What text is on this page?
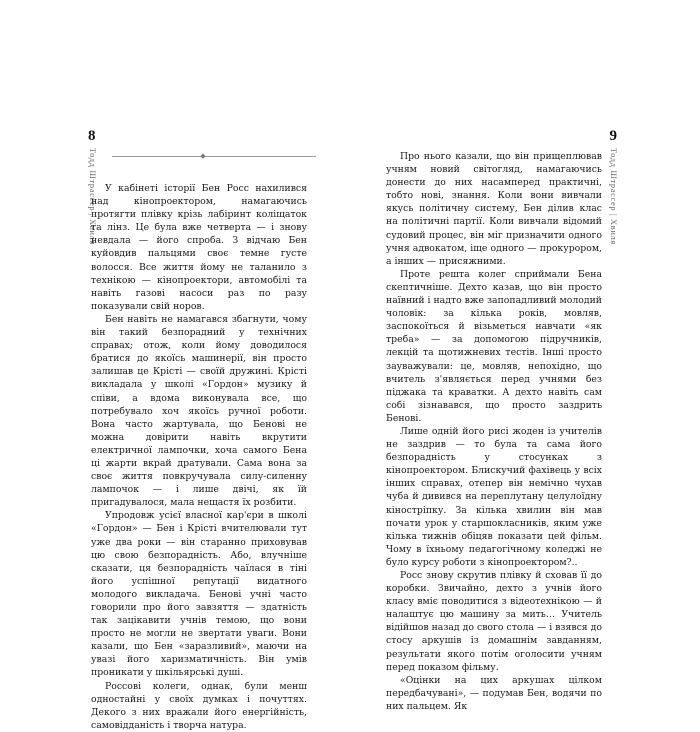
8
Тодд Штрассер | Хвиля	◆

У кабінеті історії Бен Росс нахилився над кінопроектором, намагаючись протягти плівку крізь лабіринт коліщаток та лінз. Це була вже четверта — і знову невдала — його спроба. З відчаю Бен куйовдив пальцями своє темне густе волосся. Все життя йому не таланило з технікою — кінопроектори, автомобілі та навіть газові насоси раз по разу показували свій норов.

Бен навіть не намагався збагнути, чому він такий безпорадний у технічних справах; отож, коли йому доводилося братися до якоїсь машинерії, він просто залишав це Крісті — своїй дружині. Крісті викладала у школі «Гордон» музику й співи, а вдома виконувала все, що потребувало хоч якоїсь ручної роботи. Вона часто жартувала, що Бенові не можна довірити навіть вкрутити електричної лампочки, хоча самого Бена ці жарти вкрай дратували. Сама вона за своє життя повкручувала силу-силенну лампочок — і лише двічі, як їй пригадувалося, мала нещастя їх розбити.

Упродовж усієї власної кар'єри в школі «Гордон» — Бен і Крісті вчителювали тут уже два роки — він старанно приховував цю свою безпорадність. Або, влучніше сказати, ця безпорадність чаїлася в тіні його успішної репутації видатного молодого викладача. Бенові учні часто говорили про його завзяття — здатність так зацікавити учнів темою, що вони просто не могли не звертати уваги. Вони казали, що Бен «заразливий», маючи на увазі його харизматичність. Він умів проникати у шкільярські душі.

Россові колеги, однак, були менш одностайні у своїх думках і почуттях. Декого з них вражали його енергійність, самовідданість і творча натура.

9
Тодд Штрассер | Хвиля

Про нього казали, що він прищеплював учням новий світогляд, намагаючись донести до них насамперед практичні, тобто нові, знання. Коли вони вивчали якусь політичну систему, Бен ділив клас на політичні партії. Коли вивчали відомий судовий процес, він міг призначити одного учня адвокатом, іще одного — прокурором, а інших — присяжними.

Проте решта колег сприймали Бена скептичніше. Дехто казав, що він просто наївний і надто вже запопадливий молодий чоловік: за кілька років, мовляв, заспокоїться й візьметься навчати «як треба» — за допомогою підручників, лекцій та щотижневих тестів. Інші просто зауважували: це, мовляв, непохідно, що вчитель з'являється перед учнями без піджака та краватки. А дехто навіть сам собі зізнавався, що просто заздрить Бенові.

Лише одній його рисі жоден із учителів не заздрив — то була та сама його безпорадність у стосунках з кінопроектором. Блискучий фахівець у всіх інших справах, отепер він немічно чухав чуба й дивився на переплутану целулоїдну кіностріпку. За кілька хвилин він мав почати урок у старшокласників, яким уже кілька тижнів обіцяв показати цей фільм. Чому в їхньому педагогічному коледжі не було курсу роботи з кінопроектором?..

Росс знову скрутив плівку й сховав її до коробки. Звичайно, дехто з учнів його класу вміє поводитися з відеотехнікою — й налаштує цю машину за мить… Учитель відійшов назад до свого стола — і взявся до стосу аркушів із домашнім завданням, результати якого потім оголосити учням перед показом фільму.

«Оцінки на цих аркушах цілком передбачувані», — подумав Бен, водячи по них пальцем. Як
